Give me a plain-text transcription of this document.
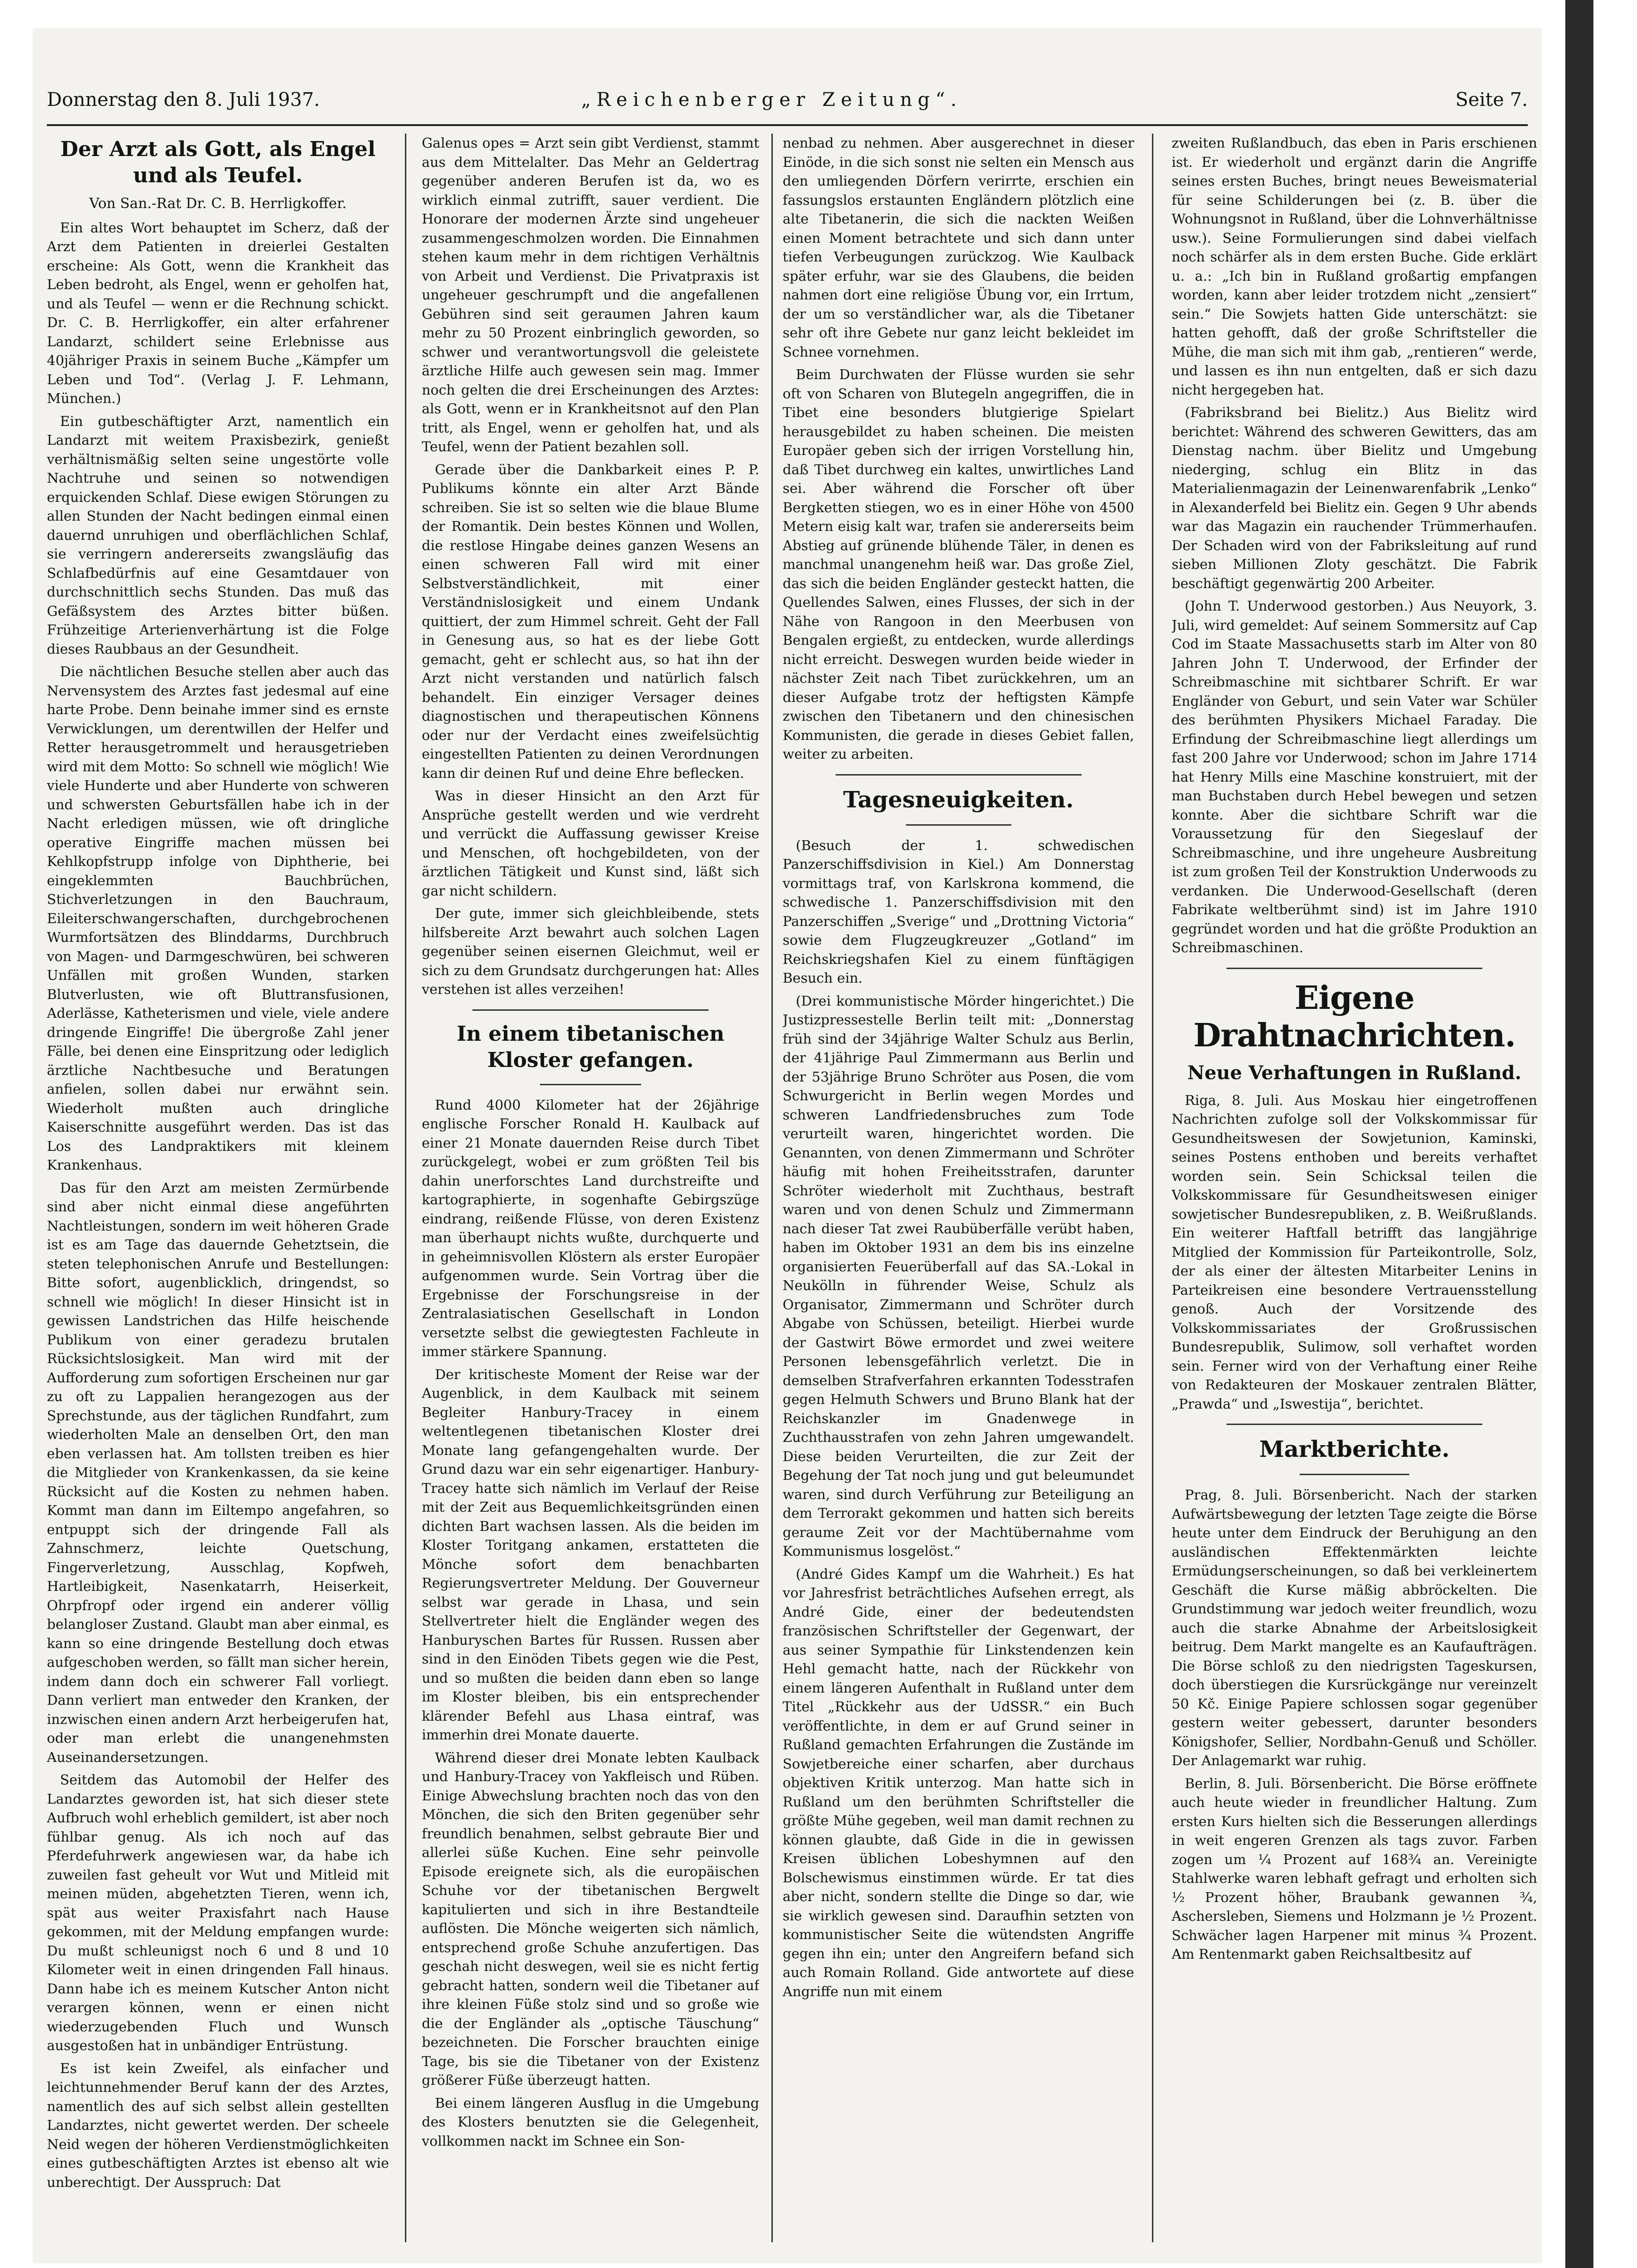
Donnerstag den 8. Juli 1937.	„Reichenberger Zeitung“.	Seite 7.
Der Arzt als Gott, als Engel und als Teufel.
Von San.-Rat Dr. C. B. Herrligkoffer.

Ein altes Wort behauptet im Scherz, daß der Arzt dem Patienten in dreierlei Gestalten erscheine: Als Gott, wenn die Krankheit das Leben bedroht, als Engel, wenn er geholfen hat, und als Teufel — wenn er die Rechnung schickt. Dr. C. B. Herrligkoffer, ein alter erfahrener Landarzt, schildert seine Erlebnisse aus 40jähriger Praxis in seinem Buche „Kämpfer um Leben und Tod“. (Verlag J. F. Lehmann, München.)

Ein gutbeschäftigter Arzt, namentlich ein Landarzt mit weitem Praxisbezirk, genießt verhältnismäßig selten seine ungestörte volle Nachtruhe und seinen so notwendigen erquickenden Schlaf. Diese ewigen Störungen zu allen Stunden der Nacht bedingen einmal einen dauernd unruhigen und oberflächlichen Schlaf, sie verringern andererseits zwangsläufig das Schlafbedürfnis auf eine Gesamtdauer von durchschnittlich sechs Stunden. Das muß das Gefäßsystem des Arztes bitter büßen. Frühzeitige Arterienverhärtung ist die Folge dieses Raubbaus an der Gesundheit.

Die nächtlichen Besuche stellen aber auch das Nervensystem des Arztes fast jedesmal auf eine harte Probe. Denn beinahe immer sind es ernste Verwicklungen, um derentwillen der Helfer und Retter herausgetrommelt und herausgetrieben wird mit dem Motto: So schnell wie möglich! Wie viele Hunderte und aber Hunderte von schweren und schwersten Geburtsfällen habe ich in der Nacht erledigen müssen, wie oft dringliche operative Eingriffe machen müssen bei Kehlkopfstrupp infolge von Diphtherie, bei eingeklemmten Bauchbrüchen, Stichverletzungen in den Bauchraum, Eileiterschwangerschaften, durchgebrochenen Wurmfortsätzen des Blinddarms, Durchbruch von Magen- und Darmgeschwüren, bei schweren Unfällen mit großen Wunden, starken Blutverlusten, wie oft Bluttransfusionen, Aderlässe, Katheterismen und viele, viele andere dringende Eingriffe! Die übergroße Zahl jener Fälle, bei denen eine Einspritzung oder lediglich ärztliche Nachtbesuche und Beratungen anfielen, sollen dabei nur erwähnt sein. Wiederholt mußten auch dringliche Kaiserschnitte ausgeführt werden. Das ist das Los des Landpraktikers mit kleinem Krankenhaus.

Das für den Arzt am meisten Zermürbende sind aber nicht einmal diese angeführten Nachtleistungen, sondern im weit höheren Grade ist es am Tage das dauernde Gehetztsein, die steten telephonischen Anrufe und Bestellungen: Bitte sofort, augenblicklich, dringendst, so schnell wie möglich! In dieser Hinsicht ist in gewissen Landstrichen das Hilfe heischende Publikum von einer geradezu brutalen Rücksichtslosigkeit. Man wird mit der Aufforderung zum sofortigen Erscheinen nur gar zu oft zu Lappalien herangezogen aus der Sprechstunde, aus der täglichen Rundfahrt, zum wiederholten Male an denselben Ort, den man eben verlassen hat. Am tollsten treiben es hier die Mitglieder von Krankenkassen, da sie keine Rücksicht auf die Kosten zu nehmen haben. Kommt man dann im Eiltempo angefahren, so entpuppt sich der dringende Fall als Zahnschmerz, leichte Quetschung, Fingerverletzung, Ausschlag, Kopfweh, Hartleibigkeit, Nasenkatarrh, Heiserkeit, Ohrpfropf oder irgend ein anderer völlig belangloser Zustand. Glaubt man aber einmal, es kann so eine dringende Bestellung doch etwas aufgeschoben werden, so fällt man sicher herein, indem dann doch ein schwerer Fall vorliegt. Dann verliert man entweder den Kranken, der inzwischen einen andern Arzt herbeigerufen hat, oder man erlebt die unangenehmsten Auseinandersetzungen.

Seitdem das Automobil der Helfer des Landarztes geworden ist, hat sich dieser stete Aufbruch wohl erheblich gemildert, ist aber noch fühlbar genug. Als ich noch auf das Pferdefuhrwerk angewiesen war, da habe ich zuweilen fast geheult vor Wut und Mitleid mit meinen müden, abgehetzten Tieren, wenn ich, spät aus weiter Praxisfahrt nach Hause gekommen, mit der Meldung empfangen wurde: Du mußt schleunigst noch 6 und 8 und 10 Kilometer weit in einen dringenden Fall hinaus. Dann habe ich es meinem Kutscher Anton nicht verargen können, wenn er einen nicht wiederzugebenden Fluch und Wunsch ausgestoßen hat in unbändiger Entrüstung.

Es ist kein Zweifel, als einfacher und leichtunnehmender Beruf kann der des Arztes, namentlich des auf sich selbst allein gestellten Landarztes, nicht gewertet werden. Der scheele Neid wegen der höheren Verdienstmöglichkeiten eines gutbeschäftigten Arztes ist ebenso alt wie unberechtigt. Der Ausspruch: Dat

Galenus opes = Arzt sein gibt Verdienst, stammt aus dem Mittelalter. Das Mehr an Geldertrag gegenüber anderen Berufen ist da, wo es wirklich einmal zutrifft, sauer verdient. Die Honorare der modernen Ärzte sind ungeheuer zusammengeschmolzen worden. Die Einnahmen stehen kaum mehr in dem richtigen Verhältnis von Arbeit und Verdienst. Die Privatpraxis ist ungeheuer geschrumpft und die angefallenen Gebühren sind seit geraumen Jahren kaum mehr zu 50 Prozent einbringlich geworden, so schwer und verantwortungsvoll die geleistete ärztliche Hilfe auch gewesen sein mag. Immer noch gelten die drei Erscheinungen des Arztes: als Gott, wenn er in Krankheitsnot auf den Plan tritt, als Engel, wenn er geholfen hat, und als Teufel, wenn der Patient bezahlen soll.

Gerade über die Dankbarkeit eines P. P. Publikums könnte ein alter Arzt Bände schreiben. Sie ist so selten wie die blaue Blume der Romantik. Dein bestes Können und Wollen, die restlose Hingabe deines ganzen Wesens an einen schweren Fall wird mit einer Selbstverständlichkeit, mit einer Verständnislosigkeit und einem Undank quittiert, der zum Himmel schreit. Geht der Fall in Genesung aus, so hat es der liebe Gott gemacht, geht er schlecht aus, so hat ihn der Arzt nicht verstanden und natürlich falsch behandelt. Ein einziger Versager deines diagnostischen und therapeutischen Könnens oder nur der Verdacht eines zweifelsüchtig eingestellten Patienten zu deinen Verordnungen kann dir deinen Ruf und deine Ehre beflecken.

Was in dieser Hinsicht an den Arzt für Ansprüche gestellt werden und wie verdreht und verrückt die Auffassung gewisser Kreise und Menschen, oft hochgebildeten, von der ärztlichen Tätigkeit und Kunst sind, läßt sich gar nicht schildern.

Der gute, immer sich gleichbleibende, stets hilfsbereite Arzt bewahrt auch solchen Lagen gegenüber seinen eisernen Gleichmut, weil er sich zu dem Grundsatz durchgerungen hat: Alles verstehen ist alles verzeihen!

In einem tibetanischen Kloster gefangen.

Rund 4000 Kilometer hat der 26jährige englische Forscher Ronald H. Kaulback auf einer 21 Monate dauernden Reise durch Tibet zurückgelegt, wobei er zum größten Teil bis dahin unerforschtes Land durchstreifte und kartographierte, in sogenhafte Gebirgszüge eindrang, reißende Flüsse, von deren Existenz man überhaupt nichts wußte, durchquerte und in geheimnisvollen Klöstern als erster Europäer aufgenommen wurde. Sein Vortrag über die Ergebnisse der Forschungsreise in der Zentralasiatischen Gesellschaft in London versetzte selbst die gewiegtesten Fachleute in immer stärkere Spannung.

Der kritischeste Moment der Reise war der Augenblick, in dem Kaulback mit seinem Begleiter Hanbury-Tracey in einem weltentlegenen tibetanischen Kloster drei Monate lang gefangengehalten wurde. Der Grund dazu war ein sehr eigenartiger. Hanbury-Tracey hatte sich nämlich im Verlauf der Reise mit der Zeit aus Bequemlichkeitsgründen einen dichten Bart wachsen lassen. Als die beiden im Kloster Toritgang ankamen, erstatteten die Mönche sofort dem benachbarten Regierungsvertreter Meldung. Der Gouverneur selbst war gerade in Lhasa, und sein Stellvertreter hielt die Engländer wegen des Hanburyschen Bartes für Russen. Russen aber sind in den Einöden Tibets gegen wie die Pest, und so mußten die beiden dann eben so lange im Kloster bleiben, bis ein entsprechender klärender Befehl aus Lhasa eintraf, was immerhin drei Monate dauerte.

Während dieser drei Monate lebten Kaulback und Hanbury-Tracey von Yakfleisch und Rüben. Einige Abwechslung brachten noch das von den Mönchen, die sich den Briten gegenüber sehr freundlich benahmen, selbst gebraute Bier und allerlei süße Kuchen. Eine sehr peinvolle Episode ereignete sich, als die europäischen Schuhe vor der tibetanischen Bergwelt kapitulierten und sich in ihre Bestandteile auflösten. Die Mönche weigerten sich nämlich, entsprechend große Schuhe anzufertigen. Das geschah nicht deswegen, weil sie es nicht fertig gebracht hatten, sondern weil die Tibetaner auf ihre kleinen Füße stolz sind und so große wie die der Engländer als „optische Täuschung“ bezeichneten. Die Forscher brauchten einige Tage, bis sie die Tibetaner von der Existenz größerer Füße überzeugt hatten.

Bei einem längeren Ausflug in die Umgebung des Klosters benutzten sie die Gelegenheit, vollkommen nackt im Schnee ein Son-

nenbad zu nehmen. Aber ausgerechnet in dieser Einöde, in die sich sonst nie selten ein Mensch aus den umliegenden Dörfern verirrte, erschien ein fassungslos erstaunten Engländern plötzlich eine alte Tibetanerin, die sich die nackten Weißen einen Moment betrachtete und sich dann unter tiefen Verbeugungen zurückzog. Wie Kaulback später erfuhr, war sie des Glaubens, die beiden nahmen dort eine religiöse Übung vor, ein Irrtum, der um so verständlicher war, als die Tibetaner sehr oft ihre Gebete nur ganz leicht bekleidet im Schnee vornehmen.

Beim Durchwaten der Flüsse wurden sie sehr oft von Scharen von Blutegeln angegriffen, die in Tibet eine besonders blutgierige Spielart herausgebildet zu haben scheinen. Die meisten Europäer geben sich der irrigen Vorstellung hin, daß Tibet durchweg ein kaltes, unwirtliches Land sei. Aber während die Forscher oft über Bergketten stiegen, wo es in einer Höhe von 4500 Metern eisig kalt war, trafen sie andererseits beim Abstieg auf grünende blühende Täler, in denen es manchmal unangenehm heiß war. Das große Ziel, das sich die beiden Engländer gesteckt hatten, die Quellendes Salwen, eines Flusses, der sich in der Nähe von Rangoon in den Meerbusen von Bengalen ergießt, zu entdecken, wurde allerdings nicht erreicht. Deswegen wurden beide wieder in nächster Zeit nach Tibet zurückkehren, um an dieser Aufgabe trotz der heftigsten Kämpfe zwischen den Tibetanern und den chinesischen Kommunisten, die gerade in dieses Gebiet fallen, weiter zu arbeiten.

Tagesneuigkeiten.

(Besuch der 1. schwedischen Panzerschiffsdivision in Kiel.) Am Donnerstag vormittags traf, von Karlskrona kommend, die schwedische 1. Panzerschiffsdivision mit den Panzerschiffen „Sverige“ und „Drottning Victoria“ sowie dem Flugzeugkreuzer „Gotland“ im Reichskriegshafen Kiel zu einem fünftägigen Besuch ein.

(Drei kommunistische Mörder hingerichtet.) Die Justizpressestelle Berlin teilt mit: „Donnerstag früh sind der 34jährige Walter Schulz aus Berlin, der 41jährige Paul Zimmermann aus Berlin und der 53jährige Bruno Schröter aus Posen, die vom Schwurgericht in Berlin wegen Mordes und schweren Landfriedensbruches zum Tode verurteilt waren, hingerichtet worden. Die Genannten, von denen Zimmermann und Schröter häufig mit hohen Freiheitsstrafen, darunter Schröter wiederholt mit Zuchthaus, bestraft waren und von denen Schulz und Zimmermann nach dieser Tat zwei Raubüberfälle verübt haben, haben im Oktober 1931 an dem bis ins einzelne organisierten Feuerüberfall auf das SA.-Lokal in Neukölln in führender Weise, Schulz als Organisator, Zimmermann und Schröter durch Abgabe von Schüssen, beteiligt. Hierbei wurde der Gastwirt Böwe ermordet und zwei weitere Personen lebensgefährlich verletzt. Die in demselben Strafverfahren erkannten Todesstrafen gegen Helmuth Schwers und Bruno Blank hat der Reichskanzler im Gnadenwege in Zuchthausstrafen von zehn Jahren umgewandelt. Diese beiden Verurteilten, die zur Zeit der Begehung der Tat noch jung und gut beleumundet waren, sind durch Verführung zur Beteiligung an dem Terrorakt gekommen und hatten sich bereits geraume Zeit vor der Machtübernahme vom Kommunismus losgelöst.“

(André Gides Kampf um die Wahrheit.) Es hat vor Jahresfrist beträchtliches Aufsehen erregt, als André Gide, einer der bedeutendsten französischen Schriftsteller der Gegenwart, der aus seiner Sympathie für Linkstendenzen kein Hehl gemacht hatte, nach der Rückkehr von einem längeren Aufenthalt in Rußland unter dem Titel „Rückkehr aus der UdSSR.“ ein Buch veröffentlichte, in dem er auf Grund seiner in Rußland gemachten Erfahrungen die Zustände im Sowjetbereiche einer scharfen, aber durchaus objektiven Kritik unterzog. Man hatte sich in Rußland um den berühmten Schriftsteller die größte Mühe gegeben, weil man damit rechnen zu können glaubte, daß Gide in die in gewissen Kreisen üblichen Lobeshymnen auf den Bolschewismus einstimmen würde. Er tat dies aber nicht, sondern stellte die Dinge so dar, wie sie wirklich gewesen sind. Daraufhin setzten von kommunistischer Seite die wütendsten Angriffe gegen ihn ein; unter den Angreifern befand sich auch Romain Rolland. Gide antwortete auf diese Angriffe nun mit einem

zweiten Rußlandbuch, das eben in Paris erschienen ist. Er wiederholt und ergänzt darin die Angriffe seines ersten Buches, bringt neues Beweismaterial für seine Schilderungen bei (z. B. über die Wohnungsnot in Rußland, über die Lohnverhältnisse usw.). Seine Formulierungen sind dabei vielfach noch schärfer als in dem ersten Buche. Gide erklärt u. a.: „Ich bin in Rußland großartig empfangen worden, kann aber leider trotzdem nicht „zensiert“ sein.“ Die Sowjets hatten Gide unterschätzt: sie hatten gehofft, daß der große Schriftsteller die Mühe, die man sich mit ihm gab, „rentieren“ werde, und lassen es ihn nun entgelten, daß er sich dazu nicht hergegeben hat.

(Fabriksbrand bei Bielitz.) Aus Bielitz wird berichtet: Während des schweren Gewitters, das am Dienstag nachm. über Bielitz und Umgebung niederging, schlug ein Blitz in das Materialienmagazin der Leinenwarenfabrik „Lenko“ in Alexanderfeld bei Bielitz ein. Gegen 9 Uhr abends war das Magazin ein rauchender Trümmerhaufen. Der Schaden wird von der Fabriksleitung auf rund sieben Millionen Zloty geschätzt. Die Fabrik beschäftigt gegenwärtig 200 Arbeiter.

(John T. Underwood gestorben.) Aus Neuyork, 3. Juli, wird gemeldet: Auf seinem Sommersitz auf Cap Cod im Staate Massachusetts starb im Alter von 80 Jahren John T. Underwood, der Erfinder der Schreibmaschine mit sichtbarer Schrift. Er war Engländer von Geburt, und sein Vater war Schüler des berühmten Physikers Michael Faraday. Die Erfindung der Schreibmaschine liegt allerdings um fast 200 Jahre vor Underwood; schon im Jahre 1714 hat Henry Mills eine Maschine konstruiert, mit der man Buchstaben durch Hebel bewegen und setzen konnte. Aber die sichtbare Schrift war die Voraussetzung für den Siegeslauf der Schreibmaschine, und ihre ungeheure Ausbreitung ist zum großen Teil der Konstruktion Underwoods zu verdanken. Die Underwood-Gesellschaft (deren Fabrikate weltberühmt sind) ist im Jahre 1910 gegründet worden und hat die größte Produktion an Schreibmaschinen.

Eigene Drahtnachrichten.
Neue Verhaftungen in Rußland.

Riga, 8. Juli. Aus Moskau hier eingetroffenen Nachrichten zufolge soll der Volkskommissar für Gesundheitswesen der Sowjetunion, Kaminski, seines Postens enthoben und bereits verhaftet worden sein. Sein Schicksal teilen die Volkskommissare für Gesundheitswesen einiger sowjetischer Bundesrepubliken, z. B. Weißrußlands. Ein weiterer Haftfall betrifft das langjährige Mitglied der Kommission für Parteikontrolle, Solz, der als einer der ältesten Mitarbeiter Lenins in Parteikreisen eine besondere Vertrauensstellung genoß. Auch der Vorsitzende des Volkskommissariates der Großrussischen Bundesrepublik, Sulimow, soll verhaftet worden sein. Ferner wird von der Verhaftung einer Reihe von Redakteuren der Moskauer zentralen Blätter, „Prawda“ und „Iswestija“, berichtet.

Marktberichte.

Prag, 8. Juli. Börsenbericht. Nach der starken Aufwärtsbewegung der letzten Tage zeigte die Börse heute unter dem Eindruck der Beruhigung an den ausländischen Effektenmärkten leichte Ermüdungserscheinungen, so daß bei verkleinertem Geschäft die Kurse mäßig abbröckelten. Die Grundstimmung war jedoch weiter freundlich, wozu auch die starke Abnahme der Arbeitslosigkeit beitrug. Dem Markt mangelte es an Kaufaufträgen. Die Börse schloß zu den niedrigsten Tageskursen, doch überstiegen die Kursrückgänge nur vereinzelt 50 Kč. Einige Papiere schlossen sogar gegenüber gestern weiter gebessert, darunter besonders Königshofer, Sellier, Nordbahn-Genuß und Schöller. Der Anlagemarkt war ruhig.

Berlin, 8. Juli. Börsenbericht. Die Börse eröffnete auch heute wieder in freundlicher Haltung. Zum ersten Kurs hielten sich die Besserungen allerdings in weit engeren Grenzen als tags zuvor. Farben zogen um ¼ Prozent auf 168¾ an. Vereinigte Stahlwerke waren lebhaft gefragt und erholten sich ½ Prozent höher, Braubank gewannen ¾, Aschersleben, Siemens und Holzmann je ½ Prozent. Schwächer lagen Harpener mit minus ¾ Prozent. Am Rentenmarkt gaben Reichsaltbesitz auf
